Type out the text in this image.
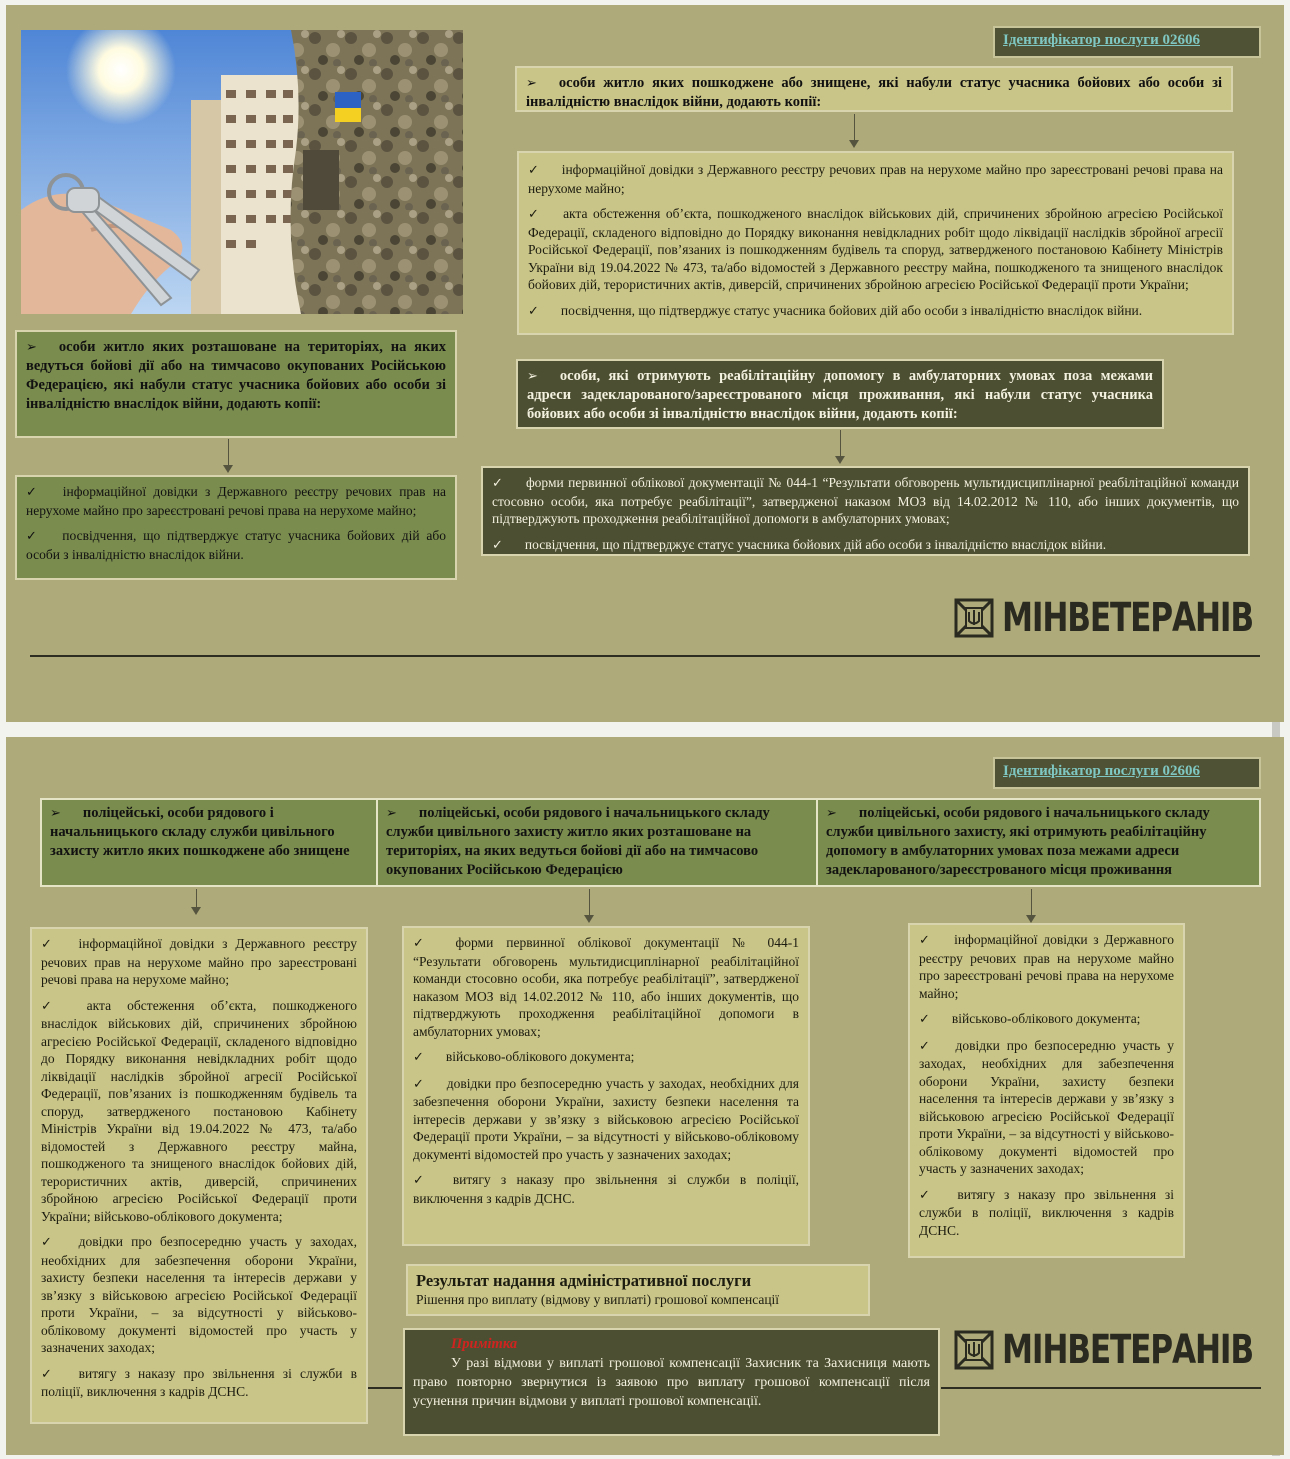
Ідентифікатор послуги 02606
➢ особи житло яких пошкоджене або знищене, які набули статус учасника бойових або особи зі інвалідністю внаслідок війни, додають копії:
✓ інформаційної довідки з Державного реєстру речових прав на нерухоме майно про зареєстровані речові права на нерухоме майно;
✓ акта обстеження об’єкта, пошкодженого внаслідок військових дій, спричинених збройною агресією Російської Федерації, складеного відповідно до Порядку виконання невідкладних робіт щодо ліквідації наслідків збройної агресії Російської Федерації, пов’язаних із пошкодженням будівель та споруд, затвердженого постановою Кабінету Міністрів України від 19.04.2022 № 473, та/або відомостей з Державного реєстру майна, пошкодженого та знищеного внаслідок бойових дій, терористичних актів, диверсій, спричинених збройною агресією Російської Федерації проти України;
✓ посвідчення, що підтверджує статус учасника бойових дій або особи з інвалідністю внаслідок війни.
➢ особи, які отримують реабілітаційну допомогу в амбулаторних умовах поза межами адреси задекларованого/зареєстрованого місця проживання, які набули статус учасника бойових або особи зі інвалідністю внаслідок війни, додають копії:
✓ форми первинної облікової документації № 044-1 “Результати обговорень мультидисциплінарної реабілітаційної команди стосовно особи, яка потребує реабілітації”, затвердженої наказом МОЗ від 14.02.2012 № 110, або інших документів, що підтверджують проходження реабілітаційної допомоги в амбулаторних умовах;
✓ посвідчення, що підтверджує статус учасника бойових дій або особи з інвалідністю внаслідок війни.
➢ особи житло яких розташоване на територіях, на яких ведуться бойові дії або на тимчасово окупованих Російською Федерацією, які набули статус учасника бойових або особи зі інвалідністю внаслідок війни, додають копії:
✓ інформаційної довідки з Державного реєстру речових прав на нерухоме майно про зареєстровані речові права на нерухоме майно;
✓ посвідчення, що підтверджує статус учасника бойових дій або особи з інвалідністю внаслідок війни.
МІНВЕТЕРАНІВ
Ідентифікатор послуги 02606
➢ поліцейські, особи рядового і начальницького складу служби цивільного захисту житло яких пошкоджене або знищене
➢ поліцейські, особи рядового і начальницького складу служби цивільного захисту житло яких розташоване на територіях, на яких ведуться бойові дії або на тимчасово окупованих Російською Федерацією
➢ поліцейські, особи рядового і начальницького складу служби цивільного захисту, які отримують реабілітаційну допомогу в амбулаторних умовах поза межами адреси задекларованого/зареєстрованого місця проживання
✓ інформаційної довідки з Державного реєстру речових прав на нерухоме майно про зареєстровані речові права на нерухоме майно;
✓ акта обстеження об’єкта, пошкодженого внаслідок військових дій, спричинених збройною агресією Російської Федерації, складеного відповідно до Порядку виконання невідкладних робіт щодо ліквідації наслідків збройної агресії Російської Федерації, пов’язаних із пошкодженням будівель та споруд, затвердженого постановою Кабінету Міністрів України від 19.04.2022 № 473, та/або відомостей з Державного реєстру майна, пошкодженого та знищеного внаслідок бойових дій, терористичних актів, диверсій, спричинених збройною агресією Російської Федерації проти України; військово-облікового документа;
✓ довідки про безпосередню участь у заходах, необхідних для забезпечення оборони України, захисту безпеки населення та інтересів держави у зв’язку з військовою агресією Російської Федерації проти України, – за відсутності у військово-обліковому документі відомостей про участь у зазначених заходах;
✓ витягу з наказу про звільнення зі служби в поліції, виключення з кадрів ДСНС.
✓ форми первинної облікової документації № 044-1 “Результати обговорень мультидисциплінарної реабілітаційної команди стосовно особи, яка потребує реабілітації”, затвердженої наказом МОЗ від 14.02.2012 № 110, або інших документів, що підтверджують проходження реабілітаційної допомоги в амбулаторних умовах;
✓ військово-облікового документа;
✓ довідки про безпосередню участь у заходах, необхідних для забезпечення оборони України, захисту безпеки населення та інтересів держави у зв’язку з військовою агресією Російської Федерації проти України, – за відсутності у військово-обліковому документі відомостей про участь у зазначених заходах;
✓ витягу з наказу про звільнення зі служби в поліції, виключення з кадрів ДСНС.
✓ інформаційної довідки з Державного реєстру речових прав на нерухоме майно про зареєстровані речові права на нерухоме майно;
✓ військово-облікового документа;
✓ довідки про безпосередню участь у заходах, необхідних для забезпечення оборони України, захисту безпеки населення та інтересів держави у зв’язку з військовою агресією Російської Федерації проти України, – за відсутності у військово-обліковому документі відомостей про участь у зазначених заходах;
✓ витягу з наказу про звільнення зі служби в поліції, виключення з кадрів ДСНС.
Результат надання адміністративної послуги
Рішення про виплату (відмову у виплаті) грошової компенсації
Примітка
У разі відмови у виплаті грошової компенсації Захисник та Захисниця мають право повторно звернутися із заявою про виплату грошової компенсації після усунення причин відмови у виплаті грошової компенсації.
МІНВЕТЕРАНІВ
